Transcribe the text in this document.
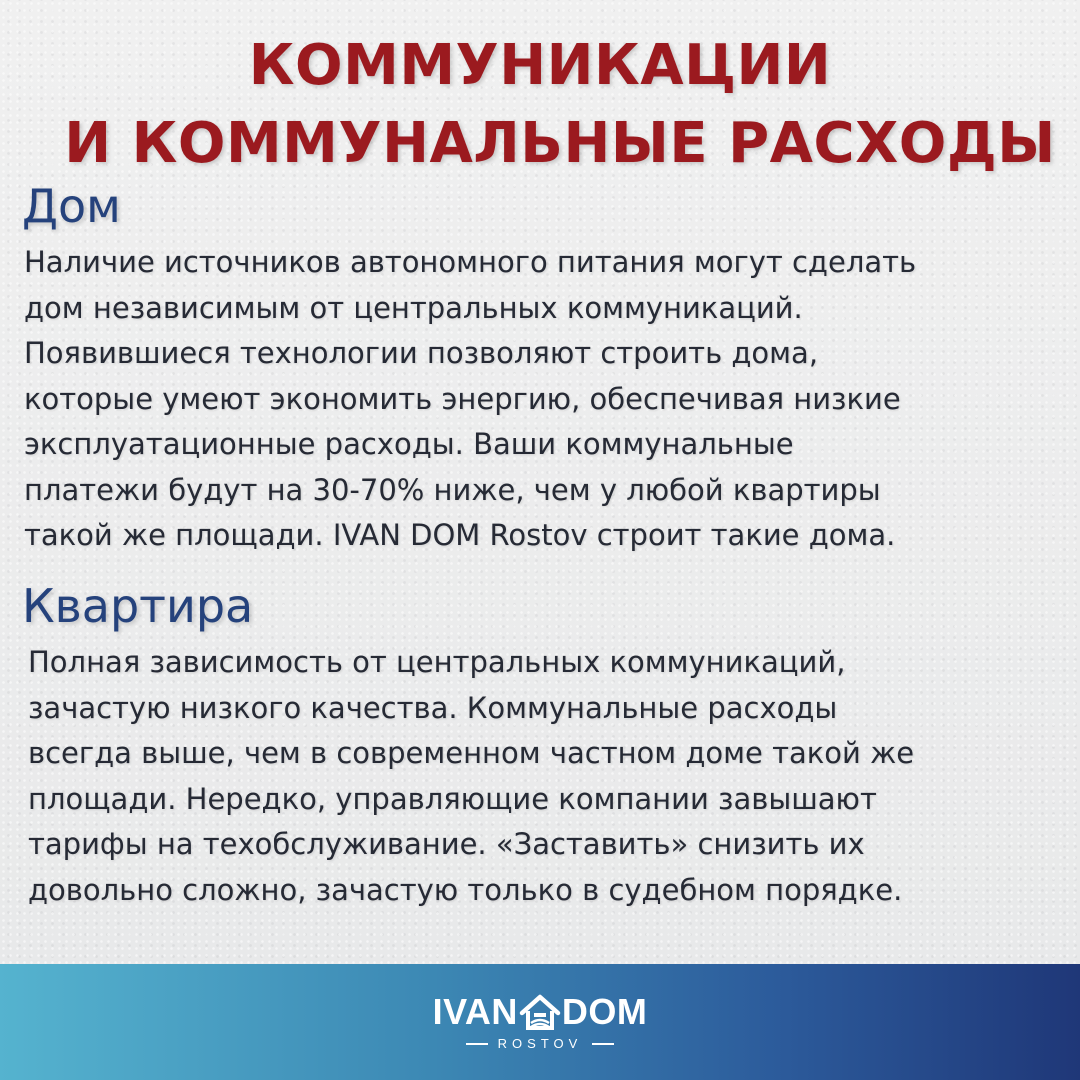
КОММУНИКАЦИИ
И КОММУНАЛЬНЫЕ РАСХОДЫ
Дом

Наличие источников автономного питания могут сделать
дом независимым от центральных коммуникаций.
Появившиеся технологии позволяют строить дома,
которые умеют экономить энергию, обеспечивая низкие
эксплуатационные расходы. Ваши коммунальные
платежи будут на 30-70% ниже, чем у любой квартиры
такой же площади. IVAN DOM Rostov строит такие дома.

Квартира

Полная зависимость от центральных коммуникаций,
зачастую низкого качества. Коммунальные расходы
всегда выше, чем в современном частном доме такой же
площади. Нередко, управляющие компании завышают
тарифы на техобслуживание. «Заставить» снизить их
довольно сложно, зачастую только в судебном порядке.

IVAN DOM
ROSTOV
